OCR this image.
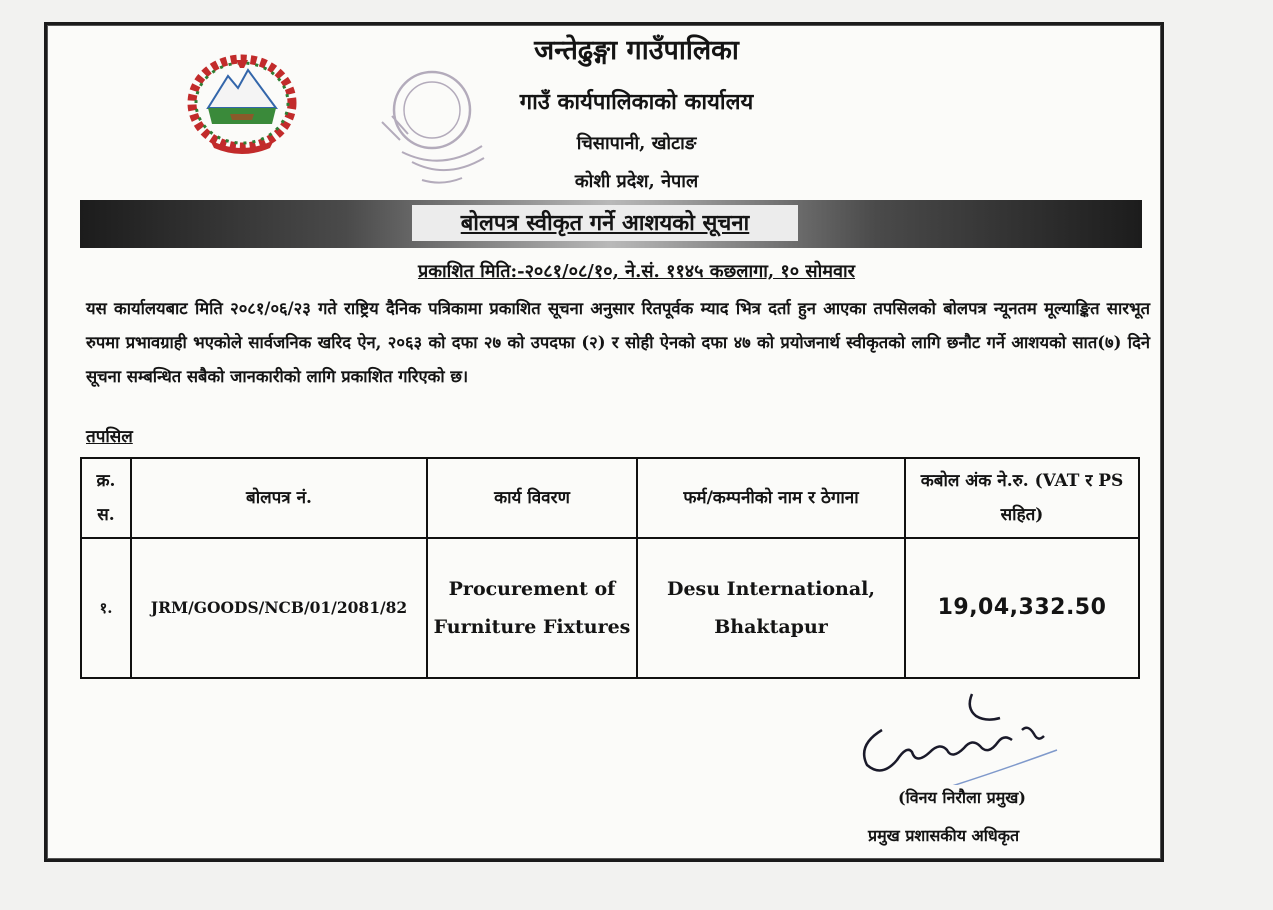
जन्तेढुङ्गा गाउँपालिका
गाउँ कार्यपालिकाको कार्यालय
चिसापानी, खोटाङ
कोशी प्रदेश, नेपाल
बोलपत्र स्वीकृत गर्ने आशयको सूचना
प्रकाशित मिति:-२०८१/०८/१०, ने.सं. ११४५ कछलागा, १० सोमवार
यस कार्यालयबाट मिति २०८१/०६/२३ गते राष्ट्रिय दैनिक पत्रिकामा प्रकाशित सूचना अनुसार रितपूर्वक म्याद भित्र दर्ता हुन आएका तपसिलको बोलपत्र न्यूनतम मूल्याङ्कित सारभूत रुपमा प्रभावग्राही भएकोले सार्वजनिक खरिद ऐन, २०६३ को दफा २७ को उपदफा (२) र सोही ऐनको दफा ४७ को प्रयोजनार्थ स्वीकृतको लागि छनौट गर्ने आशयको सात(७) दिने सूचना सम्बन्धित सबैको जानकारीको लागि प्रकाशित गरिएको छ।
तपसिल
क्र. स.	बोलपत्र नं.	कार्य विवरण	फर्म/कम्पनीको नाम र ठेगाना	कबोल अंक ने.रु. (VAT र PS सहित)
१.	JRM/GOODS/NCB/01/2081/82	Procurement of Furniture Fixtures	Desu International, Bhaktapur	19,04,332.50
(विनय निरौला प्रमुख)
प्रमुख प्रशासकीय अधिकृत
